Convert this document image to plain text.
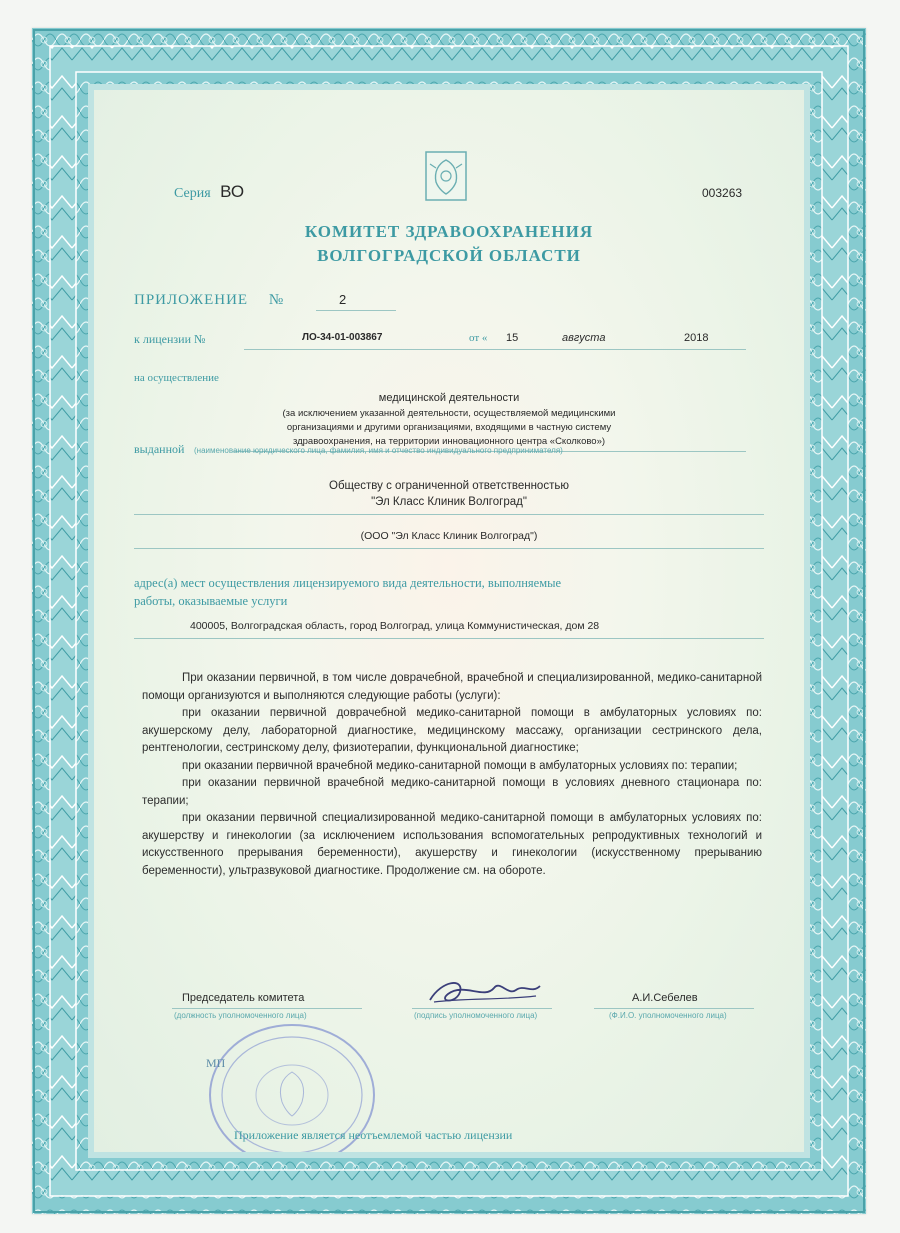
Серия ВО	003263
КОМИТЕТ ЗДРАВООХРАНЕНИЯ
ВОЛГОГРАДСКОЙ ОБЛАСТИ
ПРИЛОЖЕНИЕ №	2
к лицензии №	ЛО-34-01-003867	от « 15	августа	2018
на осуществление
медицинской деятельности
(за исключением указанной деятельности, осуществляемой медицинскими
организациями и другими организациями, входящими в частную систему
здравоохранения, на территории инновационного центра «Сколково»)
выданной (наименование юридического лица, фамилия, имя и отчество индивидуального предпринимателя)
Обществу с ограниченной ответственностью
"Эл Класс Клиник Волгоград"
(ООО "Эл Класс Клиник Волгоград")
адрес(а) мест осуществления лицензируемого вида деятельности, выполняемые
работы, оказываемые услуги
400005, Волгоградская область, город Волгоград, улица Коммунистическая, дом 28
При оказании первичной, в том числе доврачебной, врачебной и специализированной, медико-санитарной помощи организуются и выполняются следующие работы (услуги):
при оказании первичной доврачебной медико-санитарной помощи в амбулаторных условиях по: акушерскому делу, лабораторной диагностике, медицинскому массажу, организации сестринского дела, рентгенологии, сестринскому делу, физиотерапии, функциональной диагностике;
при оказании первичной врачебной медико-санитарной помощи в амбулаторных условиях по: терапии;
при оказании первичной врачебной медико-санитарной помощи в условиях дневного стационара по: терапии;
при оказании первичной специализированной медико-санитарной помощи в амбулаторных условиях по: акушерству и гинекологии (за исключением использования вспомогательных репродуктивных технологий и искусственного прерывания беременности), акушерству и гинекологии (искусственному прерыванию беременности), ультразвуковой диагностике. Продолжение см. на обороте.
Председатель комитета
(должность уполномоченного лица)	(подпись уполномоченного лица)
А.И.Себелев
(Ф.И.О. уполномоченного лица)
МП
Приложение является неотъемлемой частью лицензии
